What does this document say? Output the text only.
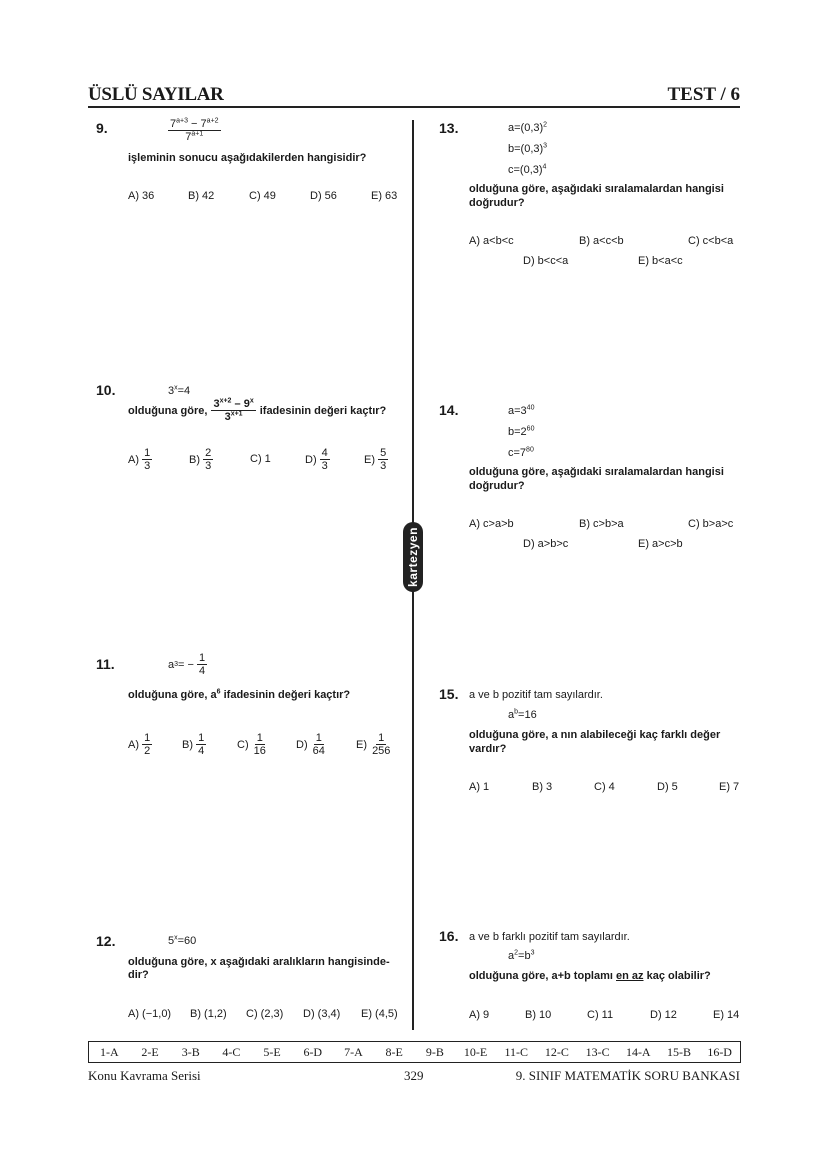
ÜSLÜ SAYILAR	TEST / 6
kartezyen
9.	$\frac{7^{a+3} - 7^{a+2}}{7^{a+1}}$
işleminin sonucu aşağıdakilerden hangisidir?
A) 36	B) 42	C) 49	D) 56	E) 63
10.	$3^x=4$
olduğuna göre, $\frac{3^{x+2} - 9^x}{3^{x+1}}$ ifadesinin değeri kaçtır?
A)
$\frac{1}{3}$	B)
$\frac{2}{3}$	C) 1	D)
$\frac{4}{3}$	E)
$\frac{5}{3}$
11.	a 3 = −
$\frac{1}{4}$
olduğuna göre, $a^6$ ifadesinin değeri kaçtır?
A)
$\frac{1}{2}$	B)
$\frac{1}{4}$	C)
$\frac{1}{16}$	D)
$\frac{1}{64}$	E)
$\frac{1}{256}$
12.	$5^x=60$
olduğuna göre, x aşağıdaki aralıkların hangisinde-
dir?
A) (−1,0) B) (1,2) C) (2,3) D) (3,4) E) (4,5)
13.	$a=(0,3)^2$
$b=(0,3)^3$
$c=(0,3)^4$
olduğuna göre, aşağıdaki sıralamalardan hangisi
doğrudur?
A) a<b<c	B) a<c<b	C) c<b<a
D) b<c<a	E) b<a<c
14.	$a=3^{40}$
$b=2^{60}$
$c=7^{80}$
olduğuna göre, aşağıdaki sıralamalardan hangisi
doğrudur?
A) c>a>b	B) c>b>a	C) b>a>c
D) a>b>c	E) a>c>b
15. a ve b pozitif tam sayılardır.
$a^b=16$
olduğuna göre, a nın alabileceği kaç farklı değer
vardır?
A) 1	B) 3	C) 4	D) 5	E) 7
16. a ve b farklı pozitif tam sayılardır.
$a^2=b^3$
olduğuna göre, a+b toplamı en az kaç olabilir?
A) 9	B) 10	C) 11	D) 12	E) 14
1-A	2-E	3-B	4-C	5-E	6-D	7-A	8-E	9-B	10-E	11-C	12-C	13-C	14-A	15-B	16-D
Konu Kavrama Serisi	329	9. SINIF MATEMATİK SORU BANKASI
